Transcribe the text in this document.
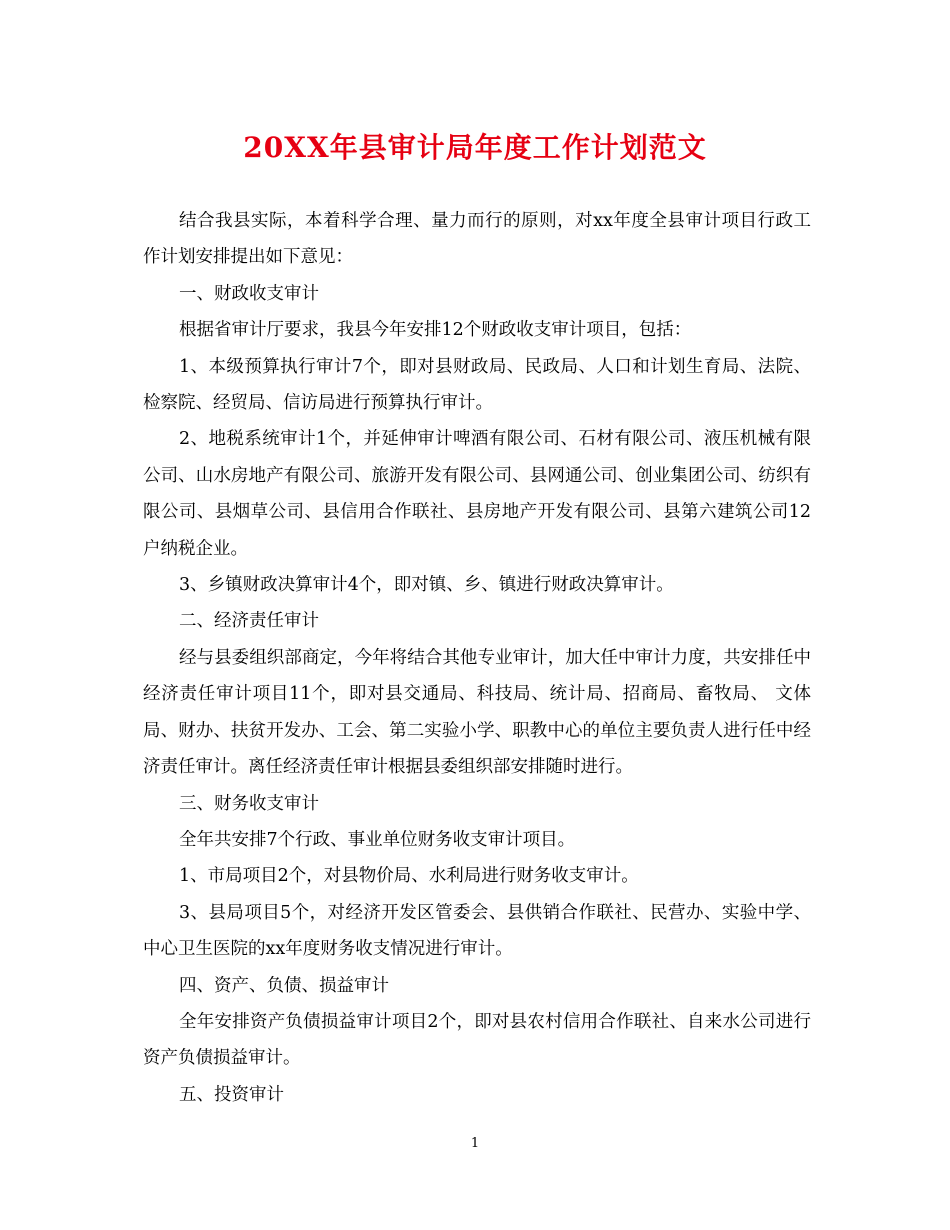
20XX年县审计局年度工作计划范文

结合我县实际，本着科学合理、量力而行的原则，对xx年度全县审计项目行政工作计划安排提出如下意见：

一、财政收支审计

根据省审计厅要求，我县今年安排12个财政收支审计项目，包括：

1、本级预算执行审计7个，即对县财政局、民政局、人口和计划生育局、法院、检察院、经贸局、信访局进行预算执行审计。

2、地税系统审计1个，并延伸审计啤酒有限公司、石材有限公司、液压机械有限公司、山水房地产有限公司、旅游开发有限公司、县网通公司、创业集团公司、纺织有限公司、县烟草公司、县信用合作联社、县房地产开发有限公司、县第六建筑公司12户纳税企业。

3、乡镇财政决算审计4个，即对镇、乡、镇进行财政决算审计。

二、经济责任审计

经与县委组织部商定，今年将结合其他专业审计，加大任中审计力度，共安排任中经济责任审计项目11个，即对县交通局、科技局、统计局、招商局、畜牧局、 文体局、财办、扶贫开发办、工会、第二实验小学、职教中心的单位主要负责人进行任中经济责任审计。离任经济责任审计根据县委组织部安排随时进行。

三、财务收支审计

全年共安排7个行政、事业单位财务收支审计项目。

1、市局项目2个，对县物价局、水利局进行财务收支审计。

3、县局项目5个，对经济开发区管委会、县供销合作联社、民营办、实验中学、中心卫生医院的xx年度财务收支情况进行审计。

四、资产、负债、损益审计

全年安排资产负债损益审计项目2个，即对县农村信用合作联社、自来水公司进行资产负债损益审计。

五、投资审计

1
